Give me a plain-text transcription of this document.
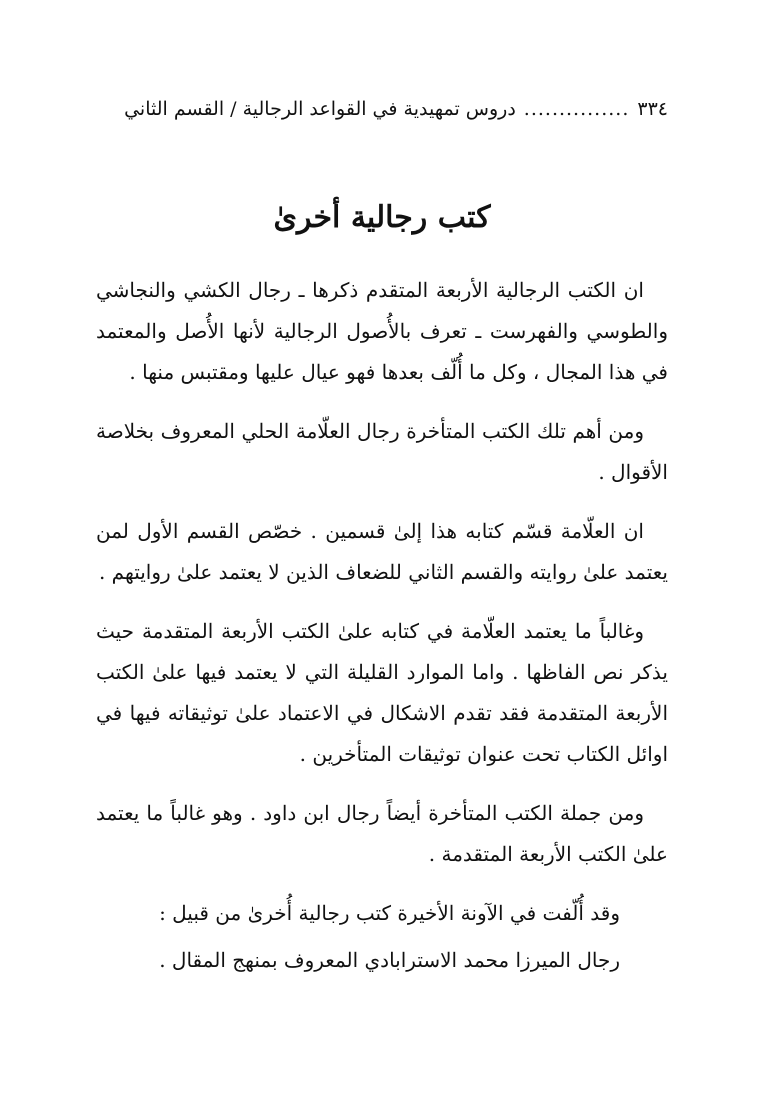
٣٣٤...............دروس تمهيدية في القواعد الرجالية / القسم الثاني
كتب رجالية أخرىٰ

ان الكتب الرجالية الأربعة المتقدم ذكرها ـ رجال الكشي والنجاشي والطوسي والفهرست ـ تعرف بالأُصول الرجالية لأنها الأُصل والمعتمد في هذا المجال ، وكل ما أُلّف بعدها فهو عيال عليها ومقتبس منها .

ومن أهم تلك الكتب المتأخرة رجال العلّامة الحلي المعروف بخلاصة الأقوال .

ان العلّامة قسّم كتابه هذا إلىٰ قسمين . خصّص القسم الأول لمن يعتمد علىٰ روايته والقسم الثاني للضعاف الذين لا يعتمد علىٰ روايتهم .

وغالباً ما يعتمد العلّامة في كتابه علىٰ الكتب الأربعة المتقدمة حيث يذكر نص الفاظها . واما الموارد القليلة التي لا يعتمد فيها علىٰ الكتب الأربعة المتقدمة فقد تقدم الاشكال في الاعتماد علىٰ توثيقاته فيها في اوائل الكتاب تحت عنوان توثيقات المتأخرين .

ومن جملة الكتب المتأخرة أيضاً رجال ابن داود . وهو غالباً ما يعتمد علىٰ الكتب الأربعة المتقدمة .

وقد أُلّفت في الآونة الأخيرة كتب رجالية أُخرىٰ من قبيل :

رجال الميرزا محمد الاسترابادي المعروف بمنهج المقال .
